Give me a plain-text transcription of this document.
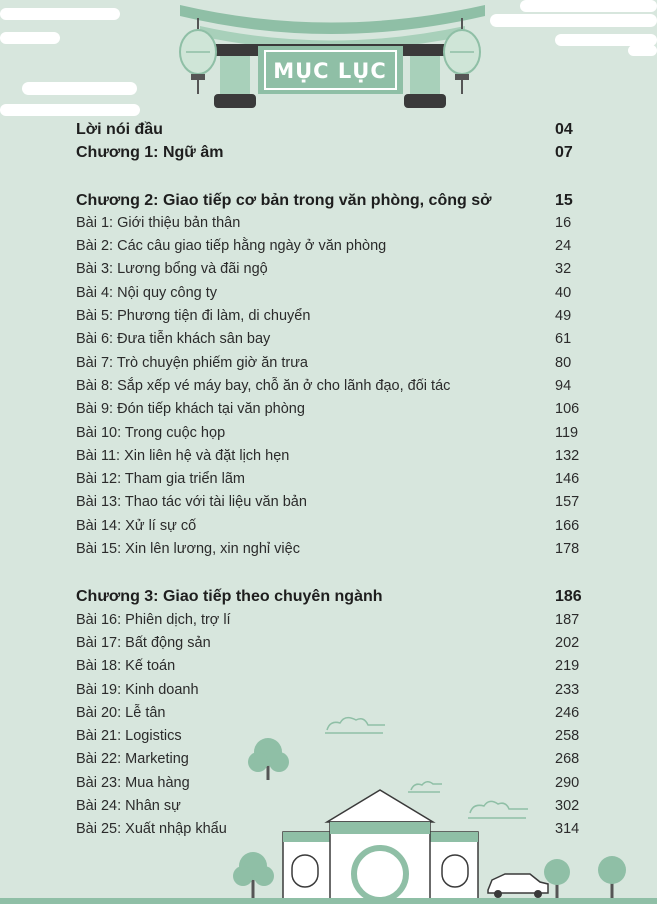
MỤC LỤC
Lời nói đầu	04
Chương 1: Ngữ âm	07
Chương 2: Giao tiếp cơ bản trong văn phòng, công sở	15
Bài 1: Giới thiệu bản thân	16
Bài 2: Các câu giao tiếp hằng ngày ở văn phòng	24
Bài 3: Lương bổng và đãi ngộ	32
Bài 4: Nội quy công ty	40
Bài 5: Phương tiện đi làm, di chuyển	49
Bài 6: Đưa tiễn khách sân bay	61
Bài 7: Trò chuyện phiếm giờ ăn trưa	80
Bài 8: Sắp xếp vé máy bay, chỗ ăn ở cho lãnh đạo, đối tác	94
Bài 9: Đón tiếp khách tại văn phòng	106
Bài 10: Trong cuộc họp	119
Bài 11: Xin liên hệ và đặt lịch hẹn	132
Bài 12: Tham gia triển lãm	146
Bài 13: Thao tác với tài liệu văn bản	157
Bài 14: Xử lí sự cố	166
Bài 15: Xin lên lương, xin nghỉ việc	178
Chương 3: Giao tiếp theo chuyên ngành	186
Bài 16: Phiên dịch, trợ lí	187
Bài 17: Bất động sản	202
Bài 18: Kế toán	219
Bài 19: Kinh doanh	233
Bài 20: Lễ tân	246
Bài 21: Logistics	258
Bài 22: Marketing	268
Bài 23: Mua hàng	290
Bài 24: Nhân sự	302
Bài 25: Xuất nhập khẩu	314
